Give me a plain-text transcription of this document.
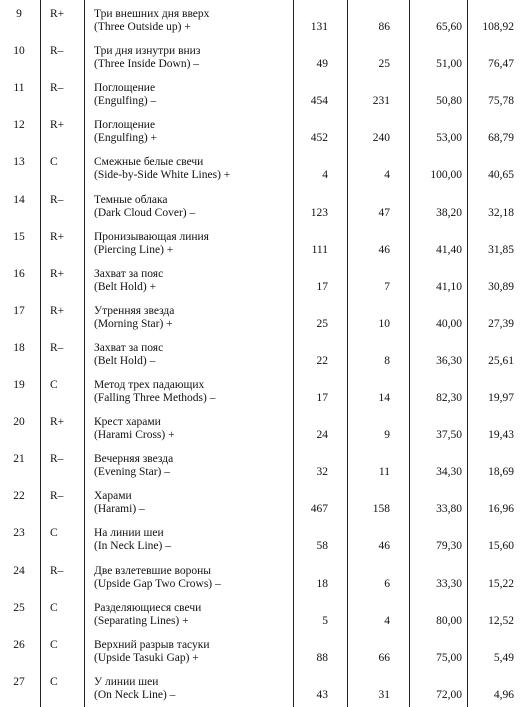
9	R+	Три внешних дня вверх
(Three Outside up) +	131	86	65,60	108,92
10	R–	Три дня изнутри вниз
(Three Inside Down) –	49	25	51,00	76,47
11	R–	Поглощение
(Engulfing) –	454	231	50,80	75,78
12	R+	Поглощение
(Engulfing) +	452	240	53,00	68,79
13	C	Смежные белые свечи
(Side-by-Side White Lines) +	4	4	100,00	40,65
14	R–	Темные облака
(Dark Cloud Cover) –	123	47	38,20	32,18
15	R+	Пронизывающая линия
(Piercing Line) +	111	46	41,40	31,85
16	R+	Захват за пояс
(Belt Hold) +	17	7	41,10	30,89
17	R+	Утренняя звезда
(Morning Star) +	25	10	40,00	27,39
18	R–	Захват за пояс
(Belt Hold) –	22	8	36,30	25,61
19	C	Метод трех падающих
(Falling Three Methods) –	17	14	82,30	19,97
20	R+	Крест харами
(Harami Cross) +	24	9	37,50	19,43
21	R–	Вечерняя звезда
(Evening Star) –	32	11	34,30	18,69
22	R–	Харами
(Harami) –	467	158	33,80	16,96
23	C	На линии шеи
(In Neck Line) –	58	46	79,30	15,60
24	R–	Две взлетевшие вороны
(Upside Gap Two Crows) –	18	6	33,30	15,22
25	C	Разделяющиеся свечи
(Separating Lines) +	5	4	80,00	12,52
26	C	Верхний разрыв тасуки
(Upside Tasuki Gap) +	88	66	75,00	5,49
27	C	У линии шеи
(On Neck Line) –	43	31	72,00	4,96
